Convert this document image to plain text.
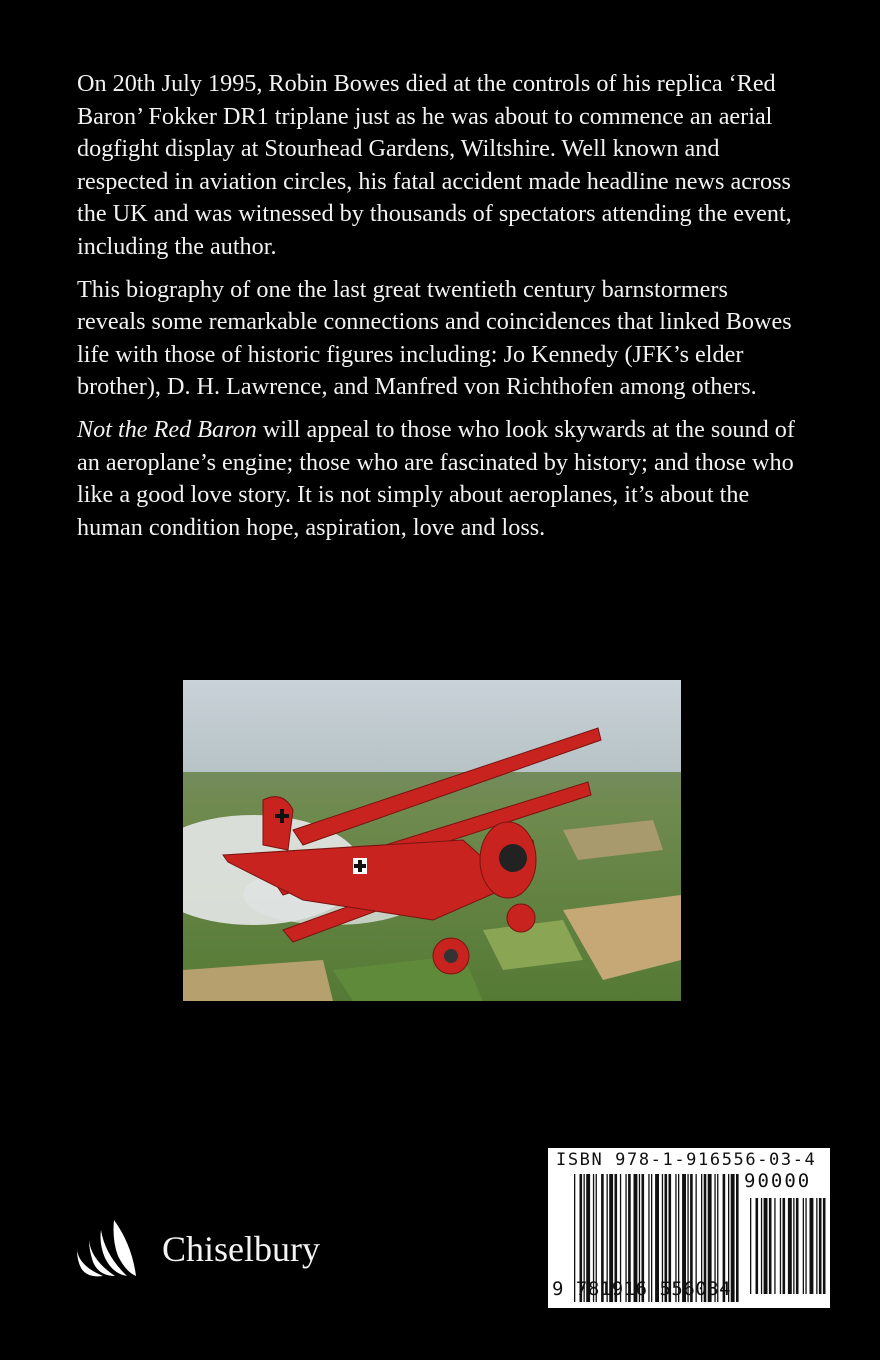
On 20th July 1995, Robin Bowes died at the controls of his replica ‘Red Baron’ Fokker DR1 triplane just as he was about to commence an aerial dogfight display at Stourhead Gardens, Wiltshire. Well known and respected in aviation circles, his fatal accident made headline news across the UK and was witnessed by thousands of spectators attending the event, including the author.

This biography of one the last great twentieth century barnstormers reveals some remarkable connections and coincidences that linked Bowes life with those of historic figures including: Jo Kennedy (JFK’s elder brother), D. H. Lawrence, and Manfred von Richthofen among others.

Not the Red Baron will appeal to those who look skywards at the sound of an aeroplane’s engine; those who are fascinated by history; and those who like a good love story. It is not simply about aeroplanes, it’s about the human condition hope, aspiration, love and loss.

ISBN 978-1-916556-03-4
90000
9 781916 556034
Chiselbury
